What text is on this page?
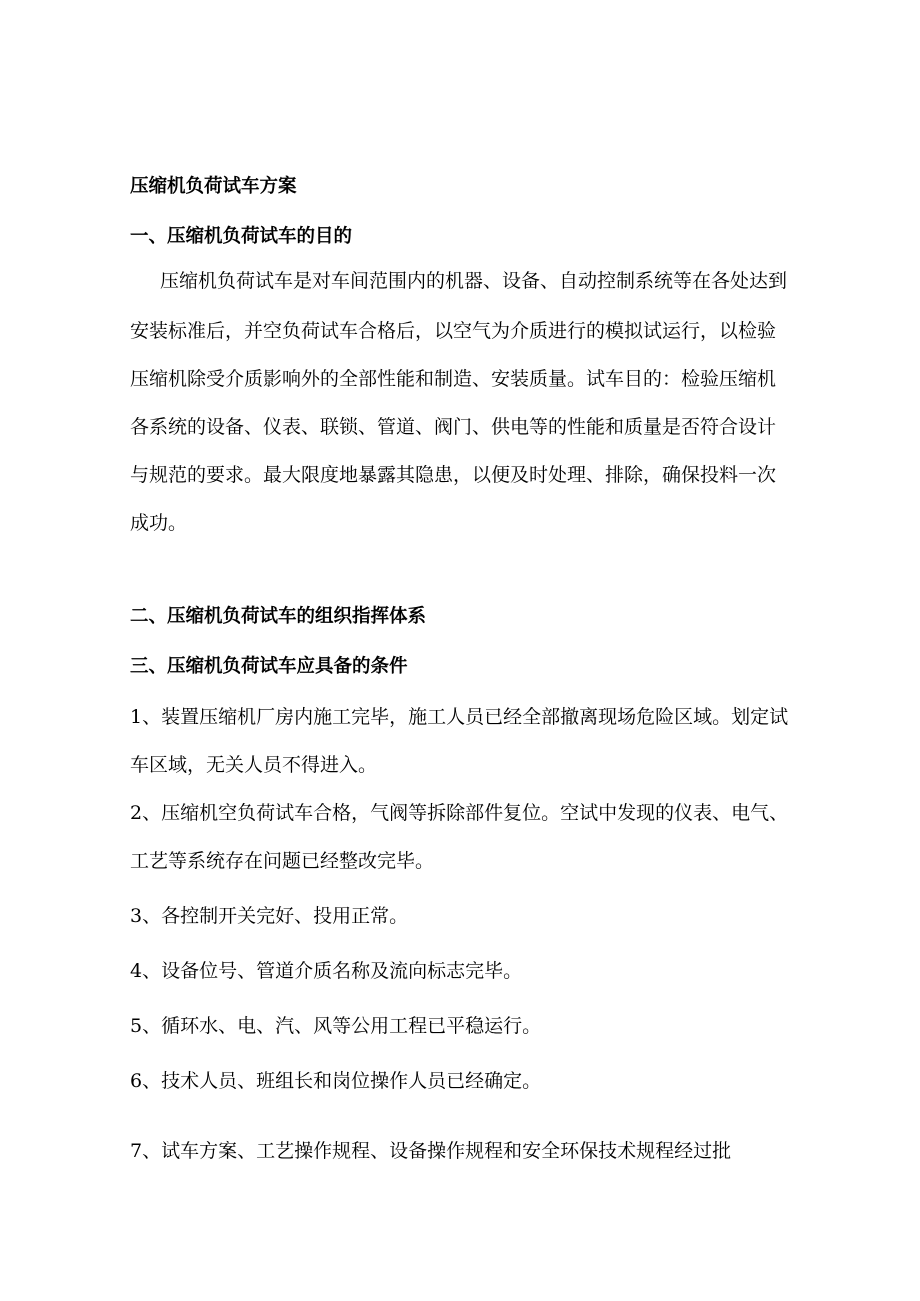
压缩机负荷试车方案
一、压缩机负荷试车的目的
压缩机负荷试车是对车间范围内的机器、设备、自动控制系统等在各处达到
安装标准后，并空负荷试车合格后，以空气为介质进行的模拟试运行，以检验
压缩机除受介质影响外的全部性能和制造、安装质量。试车目的：检验压缩机
各系统的设备、仪表、联锁、管道、阀门、供电等的性能和质量是否符合设计
与规范的要求。最大限度地暴露其隐患，以便及时处理、排除，确保投料一次
成功。
二、压缩机负荷试车的组织指挥体系
三、压缩机负荷试车应具备的条件
1、装置压缩机厂房内施工完毕，施工人员已经全部撤离现场危险区域。划定试
车区域，无关人员不得进入。
2、压缩机空负荷试车合格，气阀等拆除部件复位。空试中发现的仪表、电气、
工艺等系统存在问题已经整改完毕。
3、各控制开关完好、投用正常。
4、设备位号、管道介质名称及流向标志完毕。
5、循环水、电、汽、风等公用工程已平稳运行。
6、技术人员、班组长和岗位操作人员已经确定。
7、试车方案、工艺操作规程、设备操作规程和安全环保技术规程经过批
